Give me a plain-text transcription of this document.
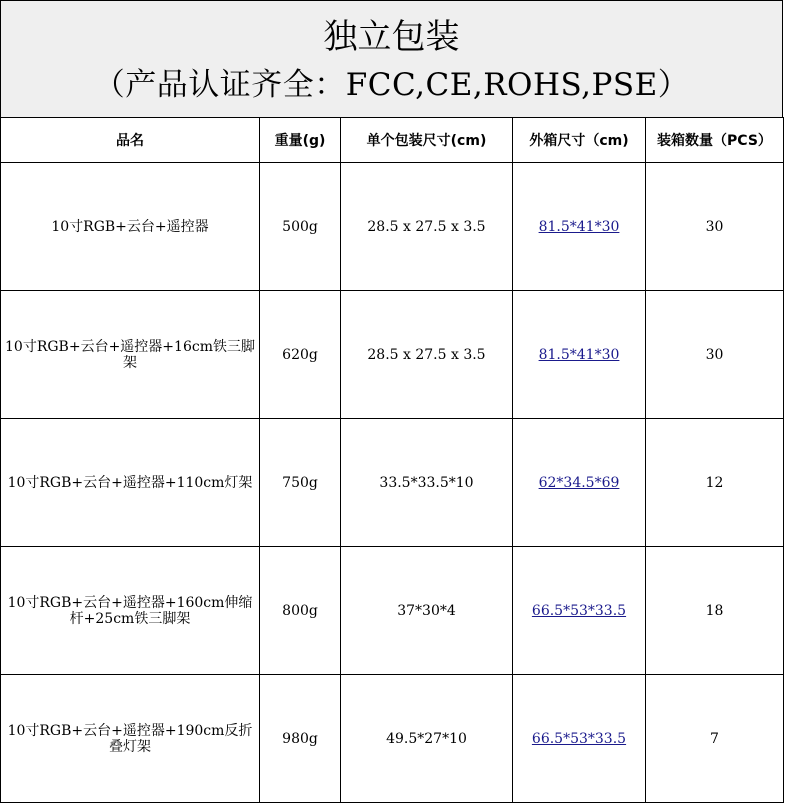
独立包装
（产品认证齐全：FCC,CE,ROHS,PSE）
品名	重量(g)	单个包装尺寸(cm)	外箱尺寸（cm)	装箱数量（PCS）
10寸RGB+云台+遥控器	500g	28.5 x 27.5 x 3.5	81.5*41*30	30
10寸RGB+云台+遥控器+16cm铁三脚架	620g	28.5 x 27.5 x 3.5	81.5*41*30	30
10寸RGB+云台+遥控器+110cm灯架	750g	33.5*33.5*10	62*34.5*69	12
10寸RGB+云台+遥控器+160cm伸缩杆+25cm铁三脚架	800g	37*30*4	66.5*53*33.5	18
10寸RGB+云台+遥控器+190cm反折叠灯架	980g	49.5*27*10	66.5*53*33.5	7
